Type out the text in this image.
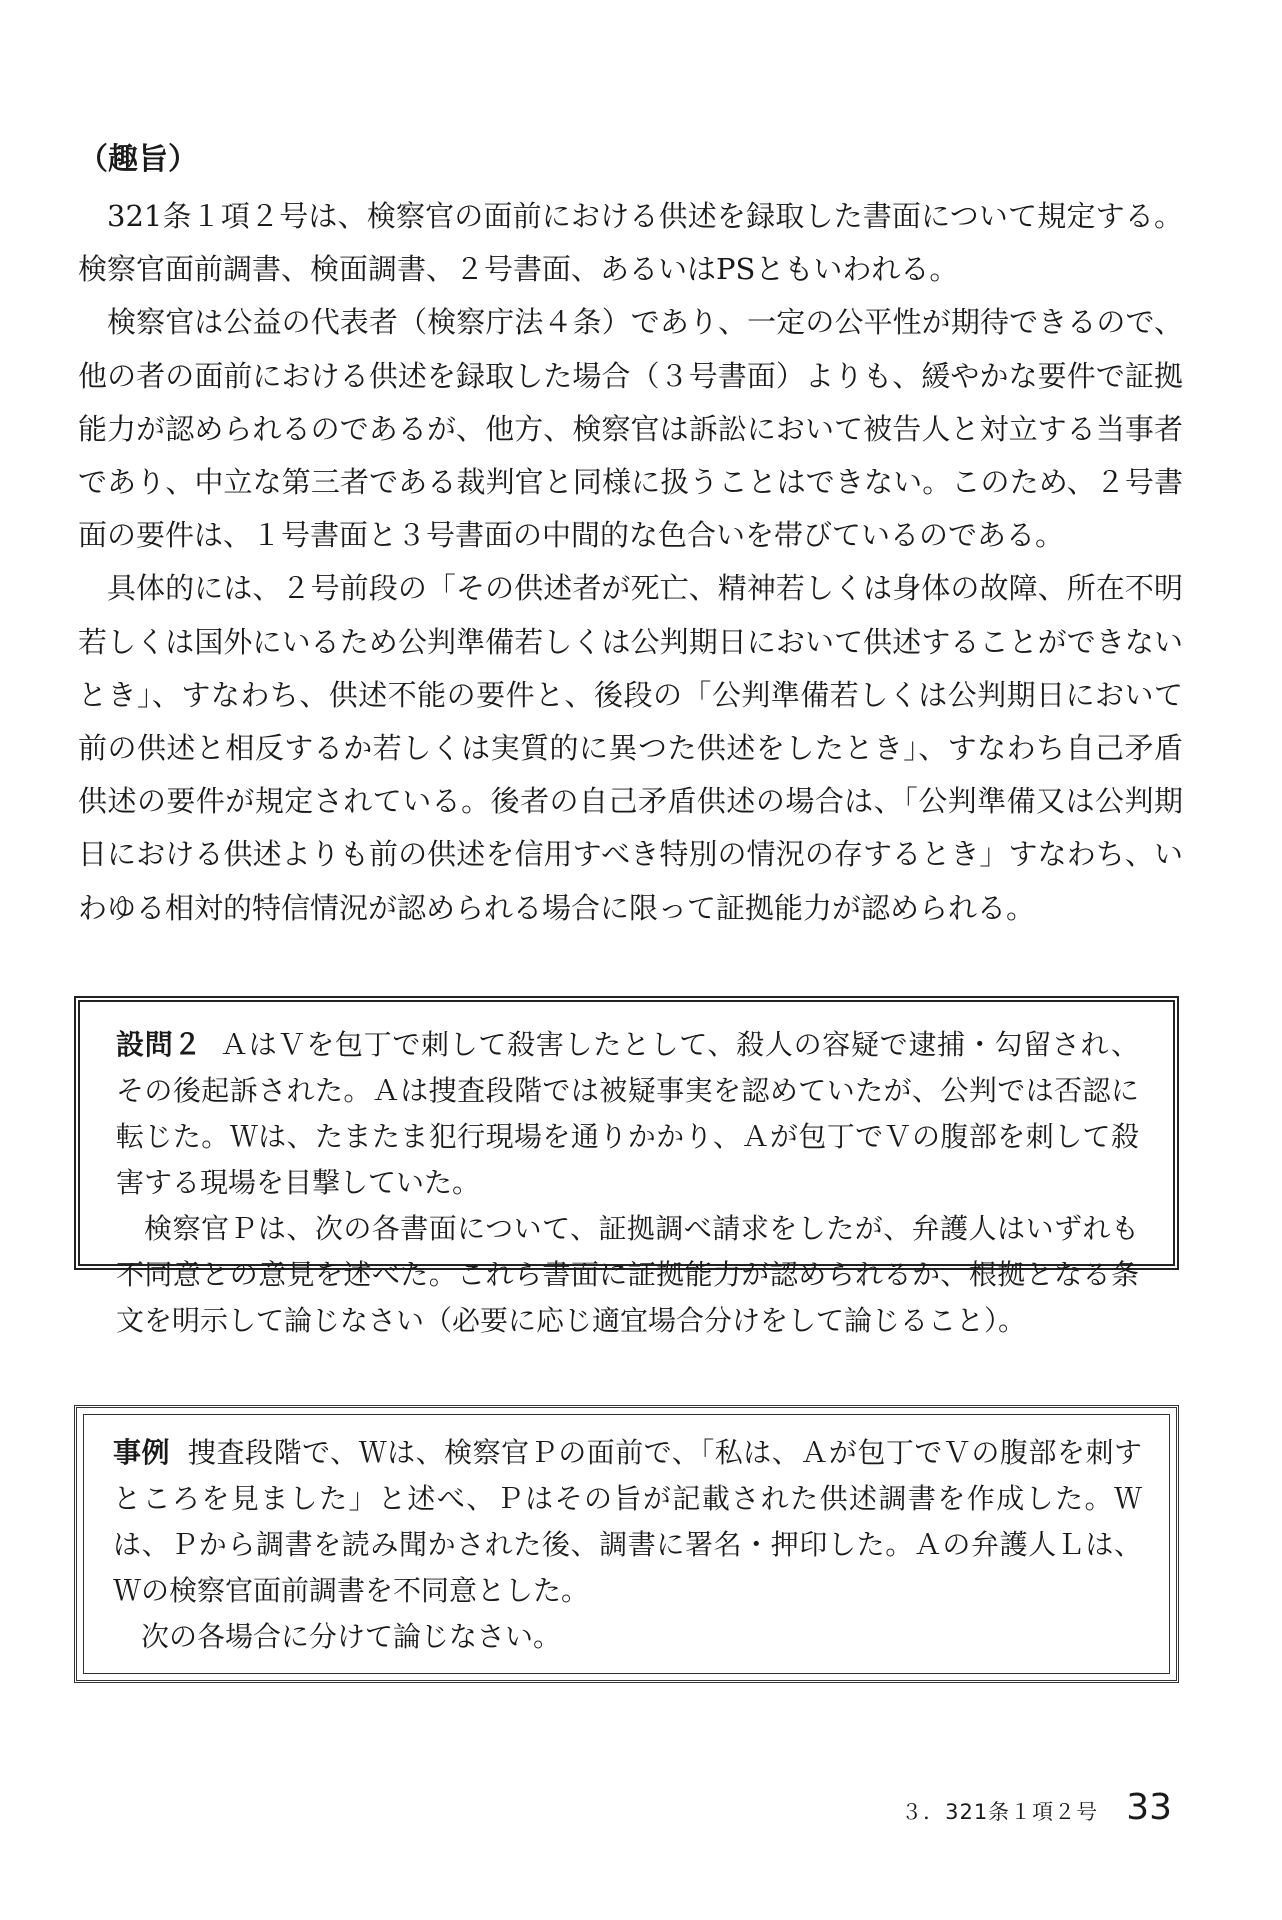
（趣旨）

321条１項２号は、検察官の面前における供述を録取した書面について規定する。検察官面前調書、検面調書、２号書面、あるいはPSともいわれる。

検察官は公益の代表者（検察庁法４条）であり、一定の公平性が期待できるので、他の者の面前における供述を録取した場合（３号書面）よりも、緩やかな要件で証拠能力が認められるのであるが、他方、検察官は訴訟において被告人と対立する当事者であり、中立な第三者である裁判官と同様に扱うことはできない。このため、２号書面の要件は、１号書面と３号書面の中間的な色合いを帯びているのである。

具体的には、２号前段の「その供述者が死亡、精神若しくは身体の故障、所在不明若しくは国外にいるため公判準備若しくは公判期日において供述することができないとき」、すなわち、供述不能の要件と、後段の「公判準備若しくは公判期日において前の供述と相反するか若しくは実質的に異つた供述をしたとき」、すなわち自己矛盾供述の要件が規定されている。後者の自己矛盾供述の場合は、「公判準備又は公判期日における供述よりも前の供述を信用すべき特別の情況の存するとき」すなわち、いわゆる相対的特信情況が認められる場合に限って証拠能力が認められる。

設問２ ＡはＶを包丁で刺して殺害したとして、殺人の容疑で逮捕・勾留され、その後起訴された。Ａは捜査段階では被疑事実を認めていたが、公判では否認に転じた。Ｗは、たまたま犯行現場を通りかかり、Ａが包丁でＶの腹部を刺して殺害する現場を目撃していた。

検察官Ｐは、次の各書面について、証拠調べ請求をしたが、弁護人はいずれも不同意との意見を述べた。これら書面に証拠能力が認められるか、根拠となる条文を明示して論じなさい（必要に応じ適宜場合分けをして論じること）。

事例 捜査段階で、Ｗは、検察官Ｐの面前で、「私は、Ａが包丁でＶの腹部を刺すところを見ました」と述べ、Ｐはその旨が記載された供述調書を作成した。Ｗは、Ｐから調書を読み聞かされた後、調書に署名・押印した。Ａの弁護人Ｌは、Ｗの検察官面前調書を不同意とした。

次の各場合に分けて論じなさい。

３．321条１項２号 33
